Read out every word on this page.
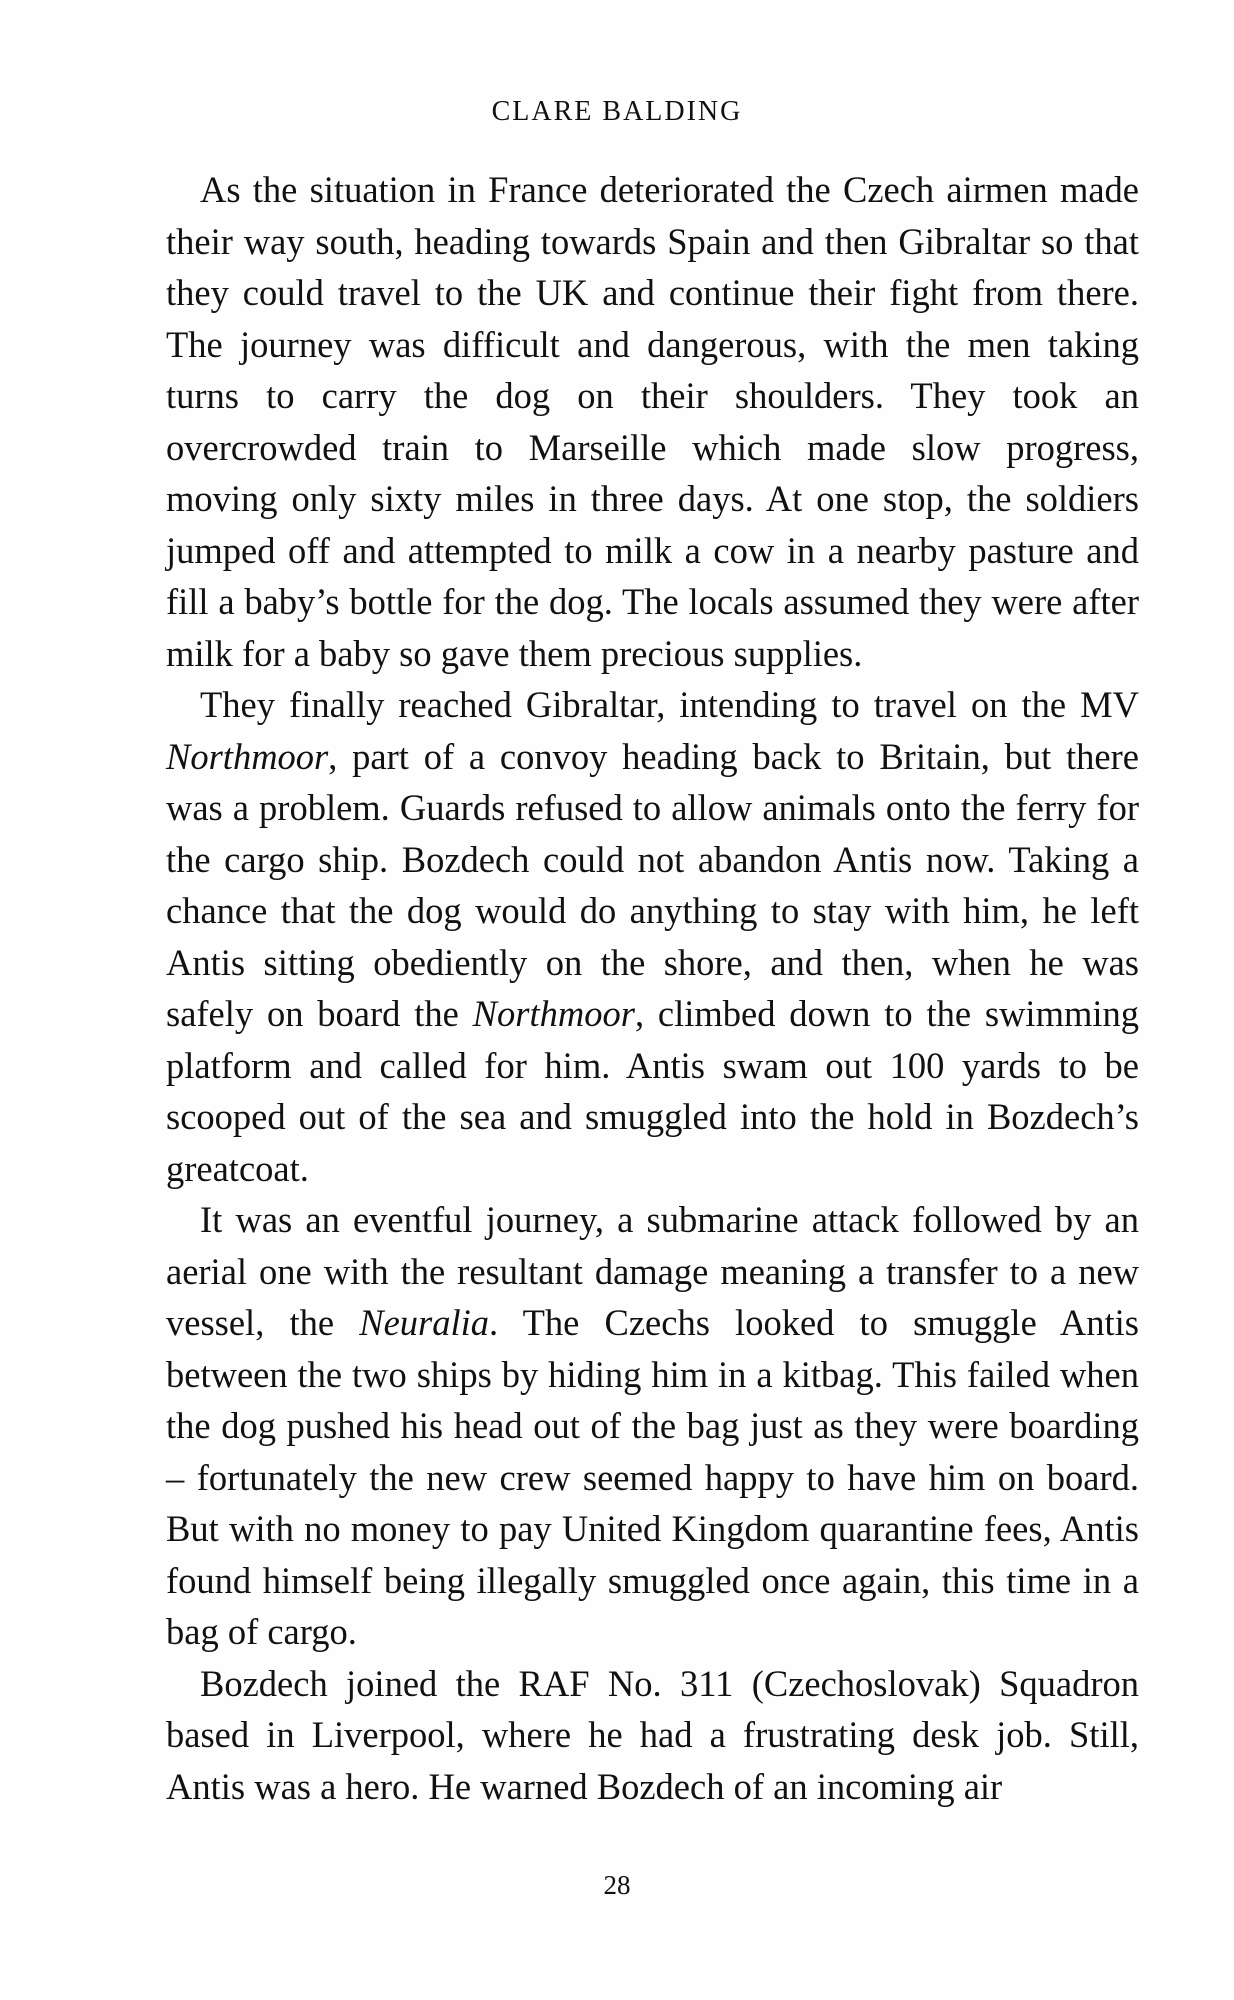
CLARE BALDING

As the situation in France deteriorated the Czech airmen made their way south, heading towards Spain and then Gibraltar so that they could travel to the UK and continue their fight from there. The journey was difficult and dangerous, with the men taking turns to carry the dog on their shoulders. They took an overcrowded train to Marseille which made slow progress, moving only sixty miles in three days. At one stop, the soldiers jumped off and attempted to milk a cow in a nearby pasture and fill a baby’s bottle for the dog. The locals assumed they were after milk for a baby so gave them precious supplies.

They finally reached Gibraltar, intending to travel on the MV Northmoor, part of a convoy heading back to Britain, but there was a problem. Guards refused to allow animals onto the ferry for the cargo ship. Bozdech could not abandon Antis now. Taking a chance that the dog would do anything to stay with him, he left Antis sitting obediently on the shore, and then, when he was safely on board the Northmoor, climbed down to the swimming platform and called for him. Antis swam out 100 yards to be scooped out of the sea and smuggled into the hold in Bozdech’s greatcoat.

It was an eventful journey, a submarine attack followed by an aerial one with the resultant damage meaning a transfer to a new vessel, the Neuralia. The Czechs looked to smuggle Antis between the two ships by hiding him in a kitbag. This failed when the dog pushed his head out of the bag just as they were boarding – fortunately the new crew seemed happy to have him on board. But with no money to pay United Kingdom quarantine fees, Antis found himself being illegally smuggled once again, this time in a bag of cargo.

Bozdech joined the RAF No. 311 (Czechoslovak) Squadron based in Liverpool, where he had a frustrating desk job. Still, Antis was a hero. He warned Bozdech of an incoming air

28
